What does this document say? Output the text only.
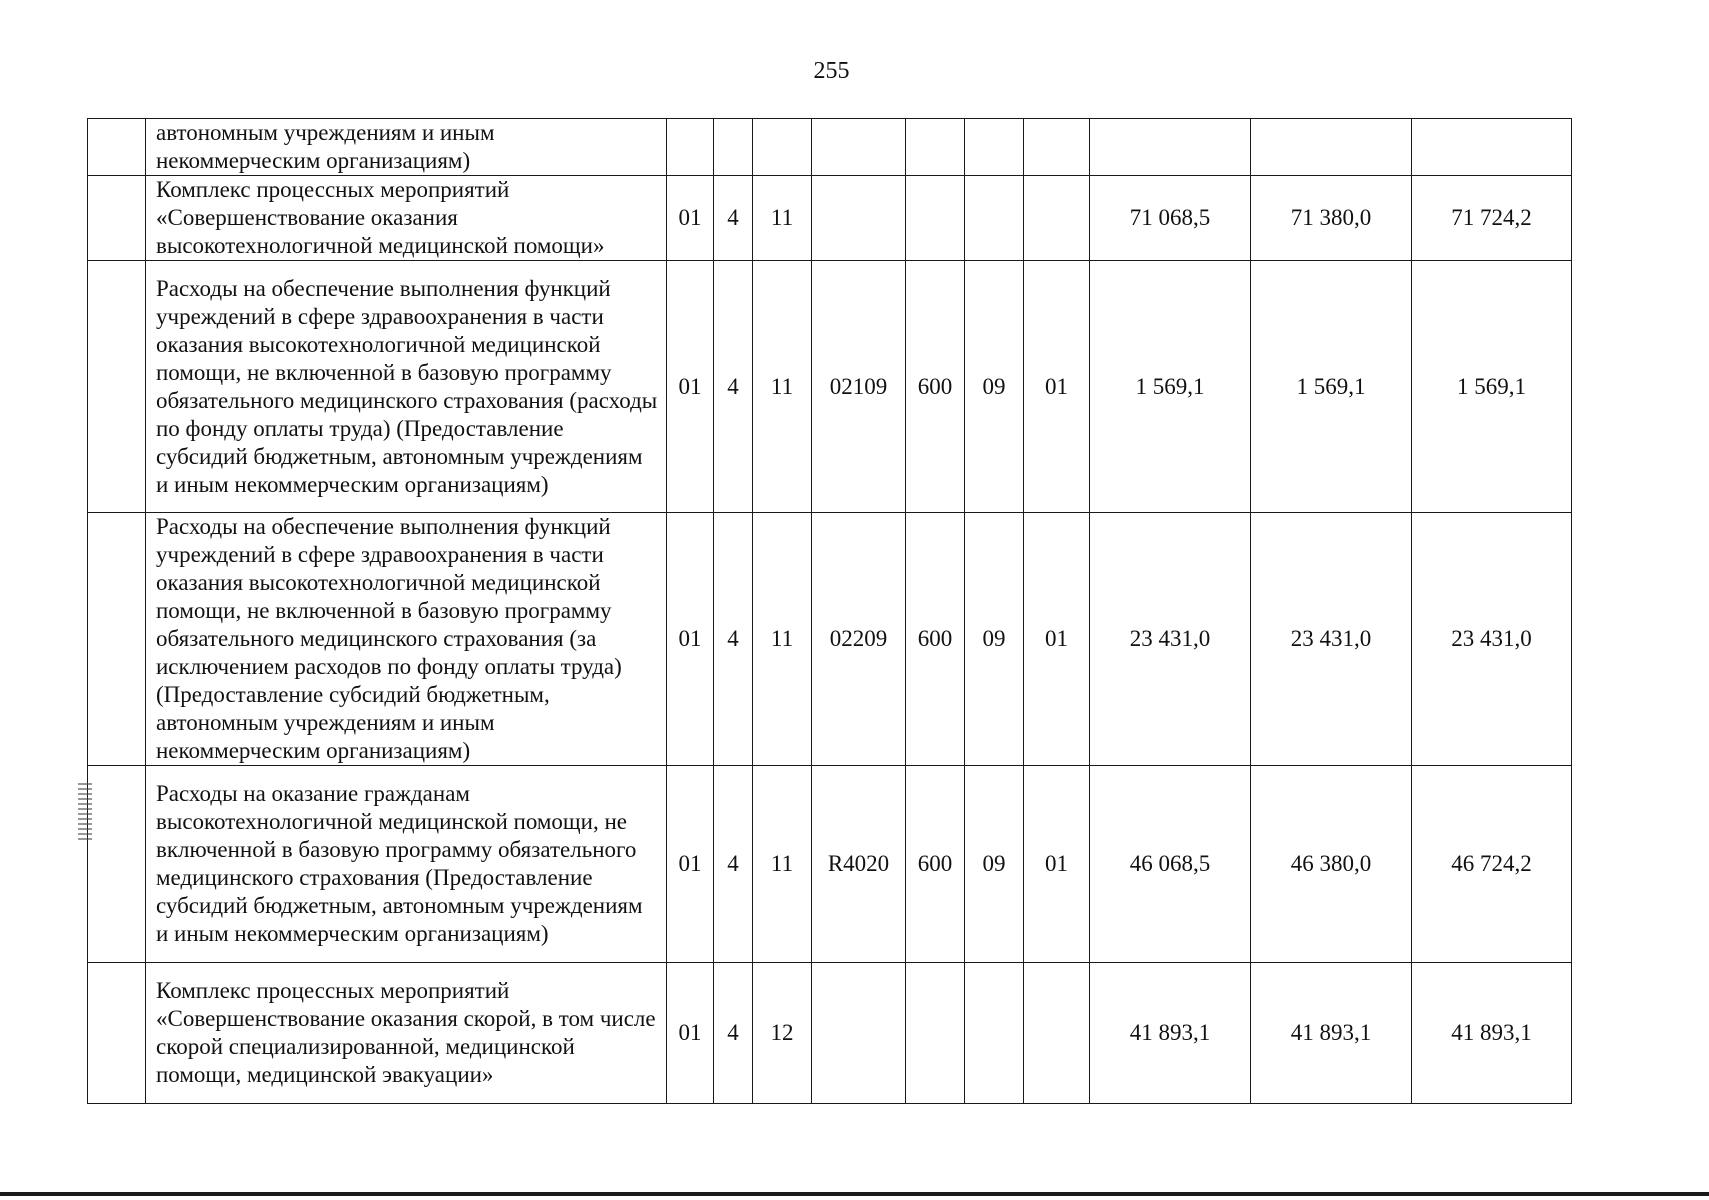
255
	автономным учреждениям и иным некоммерческим организациям)										
	Комплекс процессных мероприятий «Совершенствование оказания высокотехнологичной медицинской помощи»	01	4	11					71 068,5	71 380,0	71 724,2
	Расходы на обеспечение выполнения функций учреждений в сфере здравоохранения в части оказания высокотехнологичной медицинской помощи, не включенной в базовую программу обязательного медицинского страхования (расходы по фонду оплаты труда) (Предоставление субсидий бюджетным, автономным учреждениям и иным некоммерческим организациям)	01	4	11	02109	600	09	01	1 569,1	1 569,1	1 569,1
	Расходы на обеспечение выполнения функций учреждений в сфере здравоохранения в части оказания высокотехнологичной медицинской помощи, не включенной в базовую программу обязательного медицинского страхования (за исключением расходов по фонду оплаты труда) (Предоставление субсидий бюджетным, автономным учреждениям и иным некоммерческим организациям)	01	4	11	02209	600	09	01	23 431,0	23 431,0	23 431,0
	Расходы на оказание гражданам высокотехнологичной медицинской помощи, не включенной в базовую программу обязательного медицинского страхования (Предоставление субсидий бюджетным, автономным учреждениям и иным некоммерческим организациям)	01	4	11	R4020	600	09	01	46 068,5	46 380,0	46 724,2
	Комплекс процессных мероприятий «Совершенствование оказания скорой, в том числе скорой специализированной, медицинской помощи, медицинской эвакуации»	01	4	12					41 893,1	41 893,1	41 893,1
